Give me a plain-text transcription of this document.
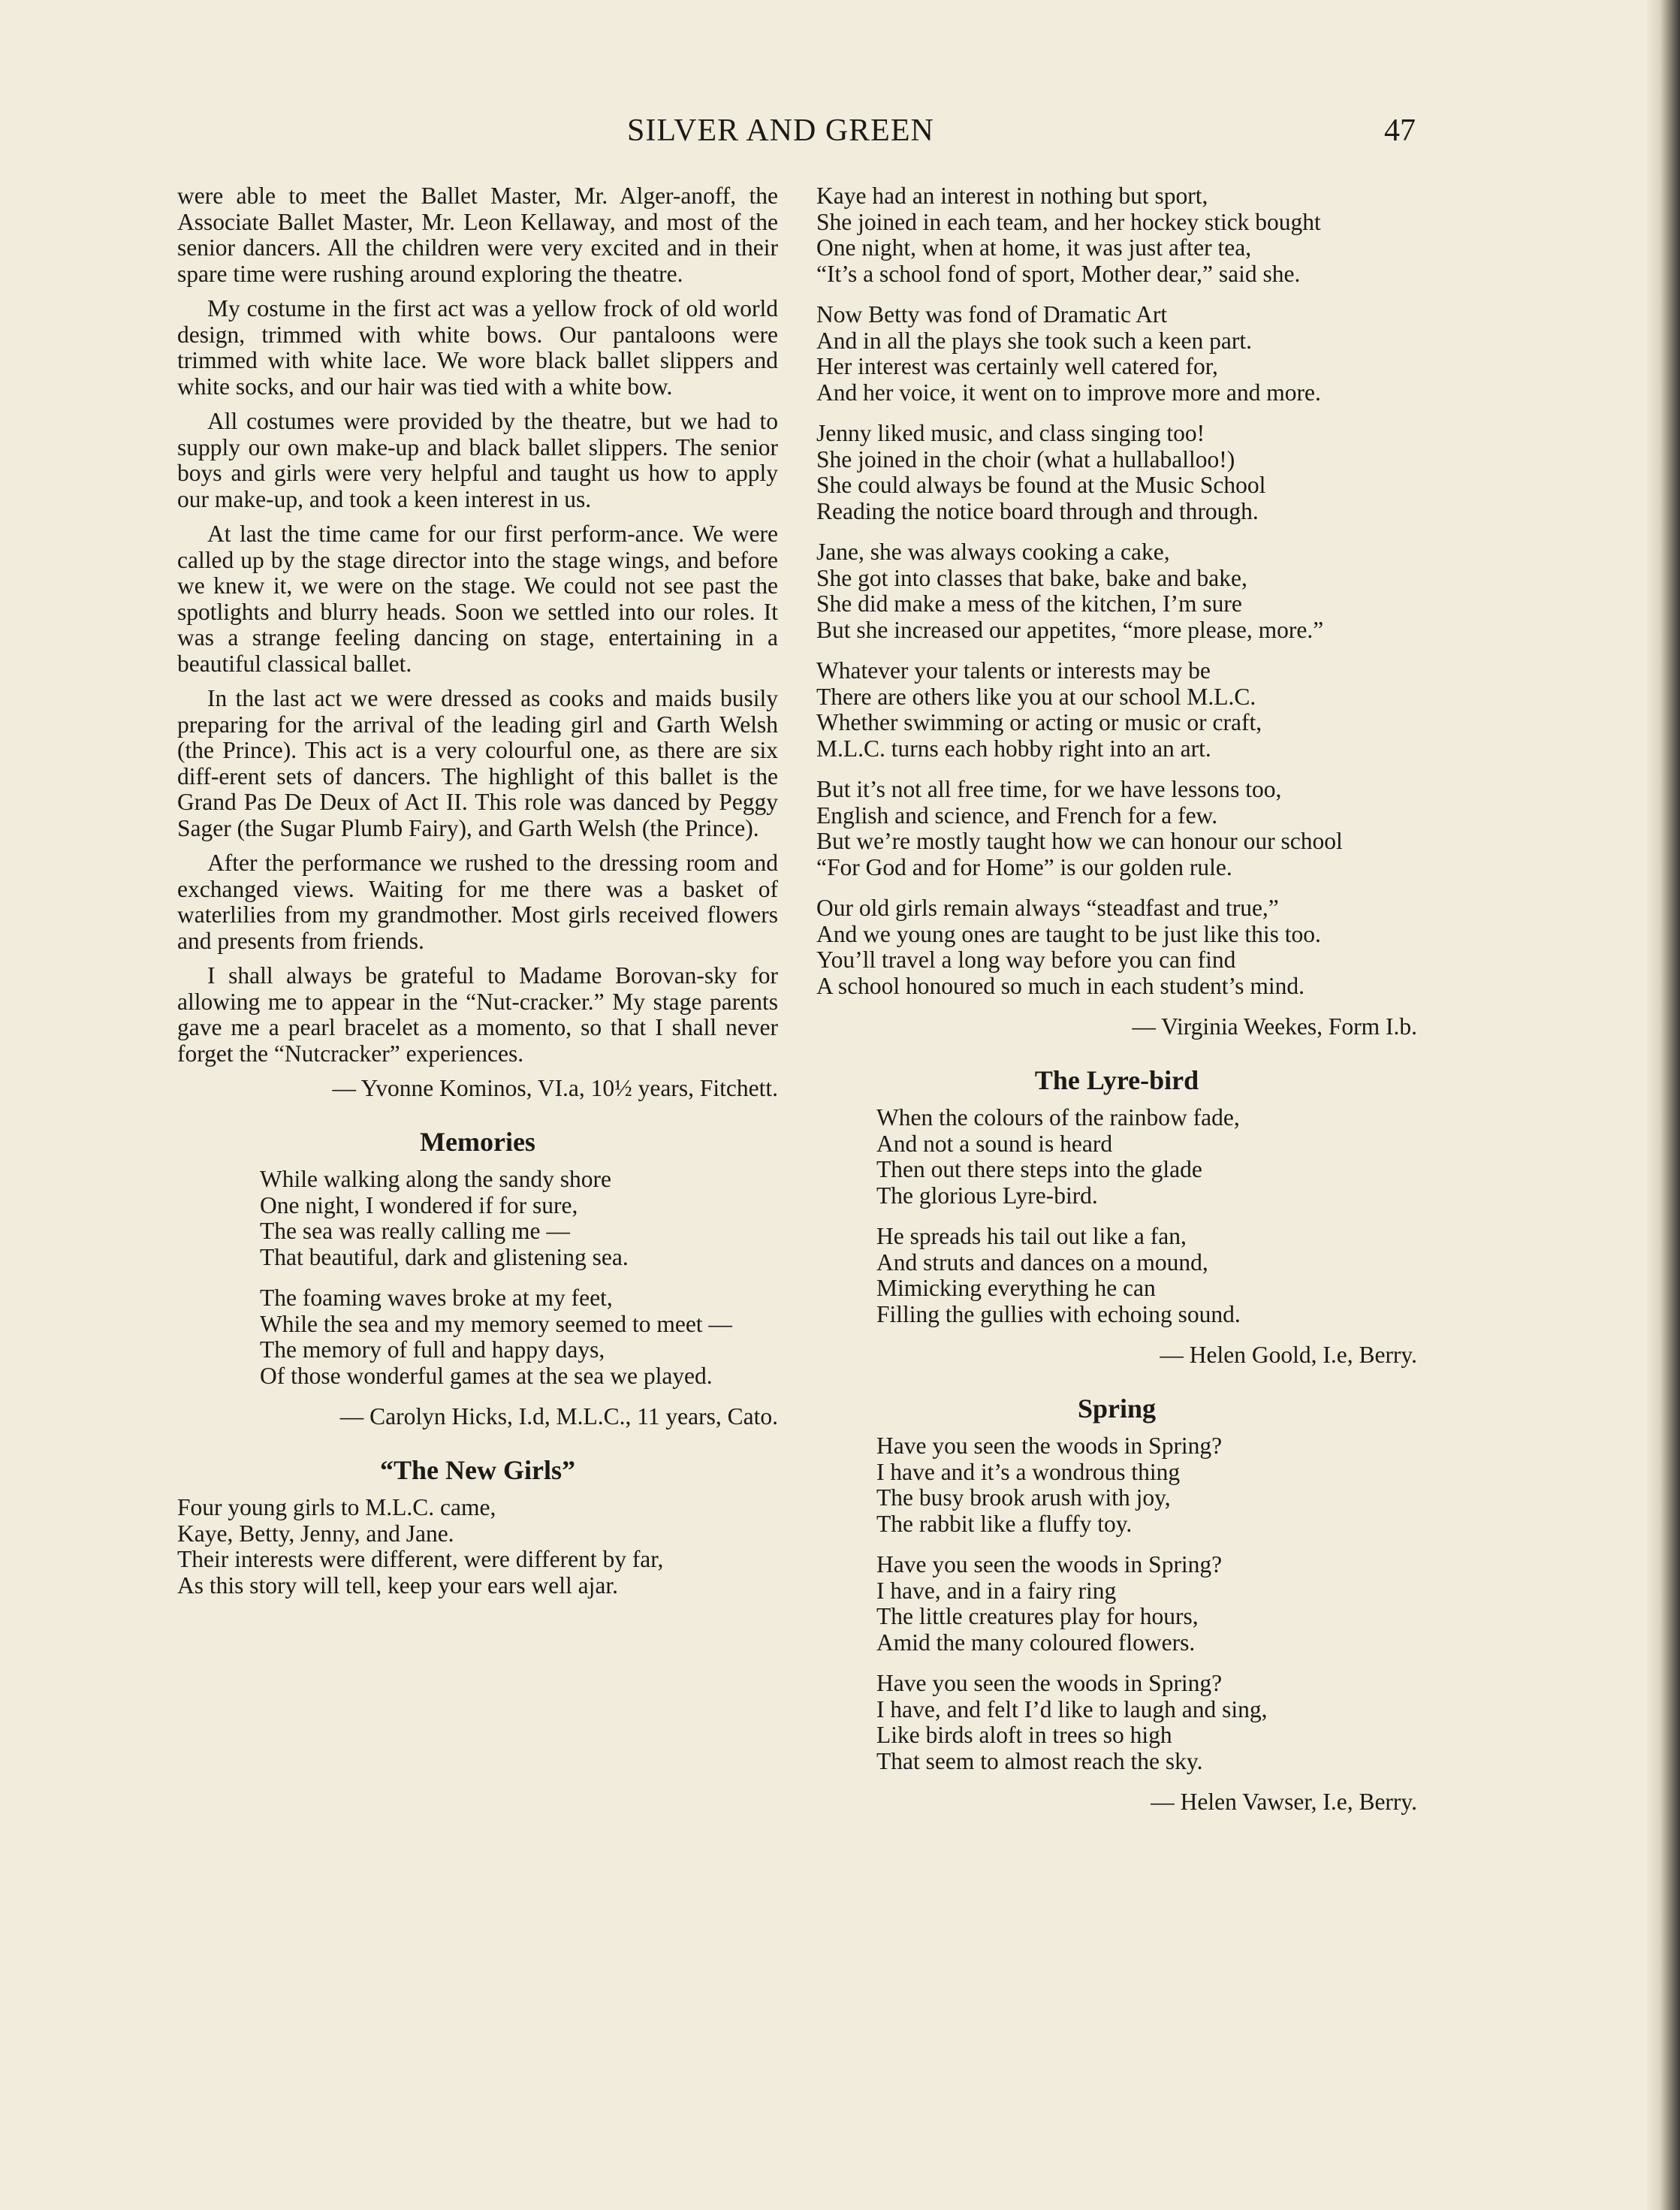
SILVER AND GREEN	47

were able to meet the Ballet Master, Mr. Alger-anoff, the Associate Ballet Master, Mr. Leon Kellaway, and most of the senior dancers. All the children were very excited and in their spare time were rushing around exploring the theatre.

My costume in the first act was a yellow frock of old world design, trimmed with white bows. Our pantaloons were trimmed with white lace. We wore black ballet slippers and white socks, and our hair was tied with a white bow.

All costumes were provided by the theatre, but we had to supply our own make-up and black ballet slippers. The senior boys and girls were very helpful and taught us how to apply our make-up, and took a keen interest in us.

At last the time came for our first perform-ance. We were called up by the stage director into the stage wings, and before we knew it, we were on the stage. We could not see past the spotlights and blurry heads. Soon we settled into our roles. It was a strange feeling dancing on stage, entertaining in a beautiful classical ballet.

In the last act we were dressed as cooks and maids busily preparing for the arrival of the leading girl and Garth Welsh (the Prince). This act is a very colourful one, as there are six diff-erent sets of dancers. The highlight of this ballet is the Grand Pas De Deux of Act II. This role was danced by Peggy Sager (the Sugar Plumb Fairy), and Garth Welsh (the Prince).

After the performance we rushed to the dressing room and exchanged views. Waiting for me there was a basket of waterlilies from my grandmother. Most girls received flowers and presents from friends.

I shall always be grateful to Madame Borovan-sky for allowing me to appear in the “Nut-cracker.” My stage parents gave me a pearl bracelet as a momento, so that I shall never forget the “Nutcracker” experiences.

— Yvonne Kominos, VI.a, 10½ years, Fitchett.

Memories
While walking along the sandy shore
One night, I wondered if for sure,
The sea was really calling me —
That beautiful, dark and glistening sea.
The foaming waves broke at my feet,
While the sea and my memory seemed to meet —
The memory of full and happy days,
Of those wonderful games at the sea we played.

— Carolyn Hicks, I.d, M.L.C., 11 years, Cato.

“The New Girls”
Four young girls to M.L.C. came,
Kaye, Betty, Jenny, and Jane.
Their interests were different, were different by far,
As this story will tell, keep your ears well ajar.
Kaye had an interest in nothing but sport,
She joined in each team, and her hockey stick bought
One night, when at home, it was just after tea,
“It’s a school fond of sport, Mother dear,” said she.
Now Betty was fond of Dramatic Art
And in all the plays she took such a keen part.
Her interest was certainly well catered for,
And her voice, it went on to improve more and more.
Jenny liked music, and class singing too!
She joined in the choir (what a hullaballoo!)
She could always be found at the Music School
Reading the notice board through and through.
Jane, she was always cooking a cake,
She got into classes that bake, bake and bake,
She did make a mess of the kitchen, I’m sure
But she increased our appetites, “more please, more.”
Whatever your talents or interests may be
There are others like you at our school M.L.C.
Whether swimming or acting or music or craft,
M.L.C. turns each hobby right into an art.
But it’s not all free time, for we have lessons too,
English and science, and French for a few.
But we’re mostly taught how we can honour our school
“For God and for Home” is our golden rule.
Our old girls remain always “steadfast and true,”
And we young ones are taught to be just like this too.
You’ll travel a long way before you can find
A school honoured so much in each student’s mind.

— Virginia Weekes, Form I.b.

The Lyre-bird
When the colours of the rainbow fade,
And not a sound is heard
Then out there steps into the glade
The glorious Lyre-bird.
He spreads his tail out like a fan,
And struts and dances on a mound,
Mimicking everything he can
Filling the gullies with echoing sound.

— Helen Goold, I.e, Berry.

Spring
Have you seen the woods in Spring?
I have and it’s a wondrous thing
The busy brook arush with joy,
The rabbit like a fluffy toy.
Have you seen the woods in Spring?
I have, and in a fairy ring
The little creatures play for hours,
Amid the many coloured flowers.
Have you seen the woods in Spring?
I have, and felt I’d like to laugh and sing,
Like birds aloft in trees so high
That seem to almost reach the sky.

— Helen Vawser, I.e, Berry.
